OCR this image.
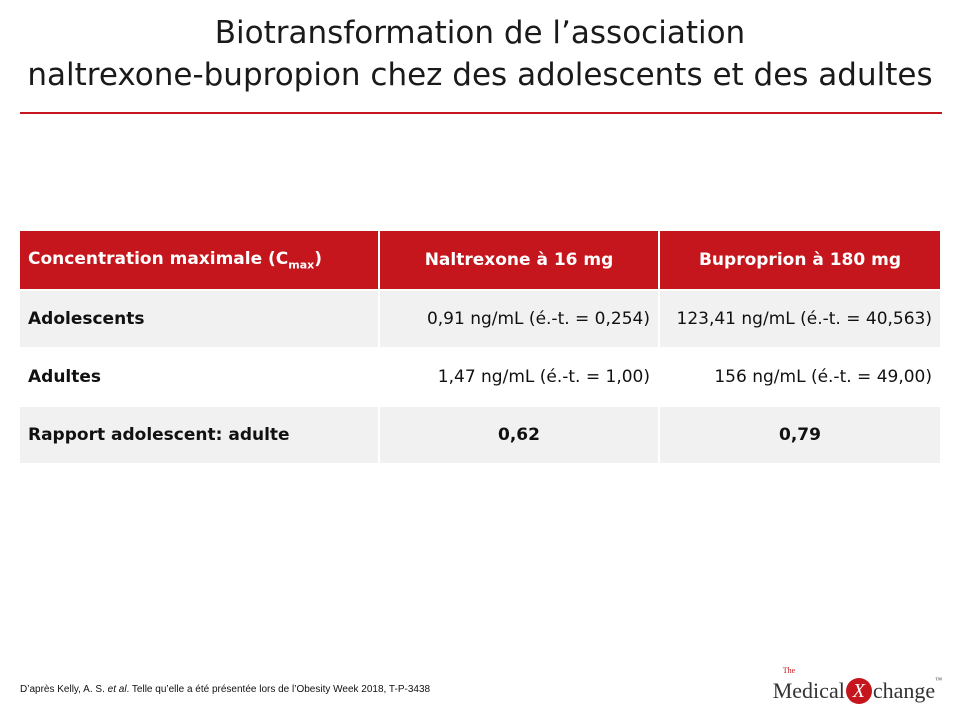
Biotransformation de l’association
naltrexone-bupropion chez des adolescents et des adultes
Concentration maximale $(C_{max})$	Naltrexone à 16 mg	Buproprion à 180 mg
Adolescents	0,91 ng/mL (é.-t. = 0,254)	123,41 ng/mL (é.-t. = 40,563)
Adultes	1,47 ng/mL (é.-t. = 1,00)	156 ng/mL (é.-t. = 49,00)
Rapport adolescent: adulte	0,62	0,79
D’après Kelly, A. S. et al. Telle qu’elle a été présentée lors de l’Obesity Week 2018, T-P-3438
The
Medical X change ™
